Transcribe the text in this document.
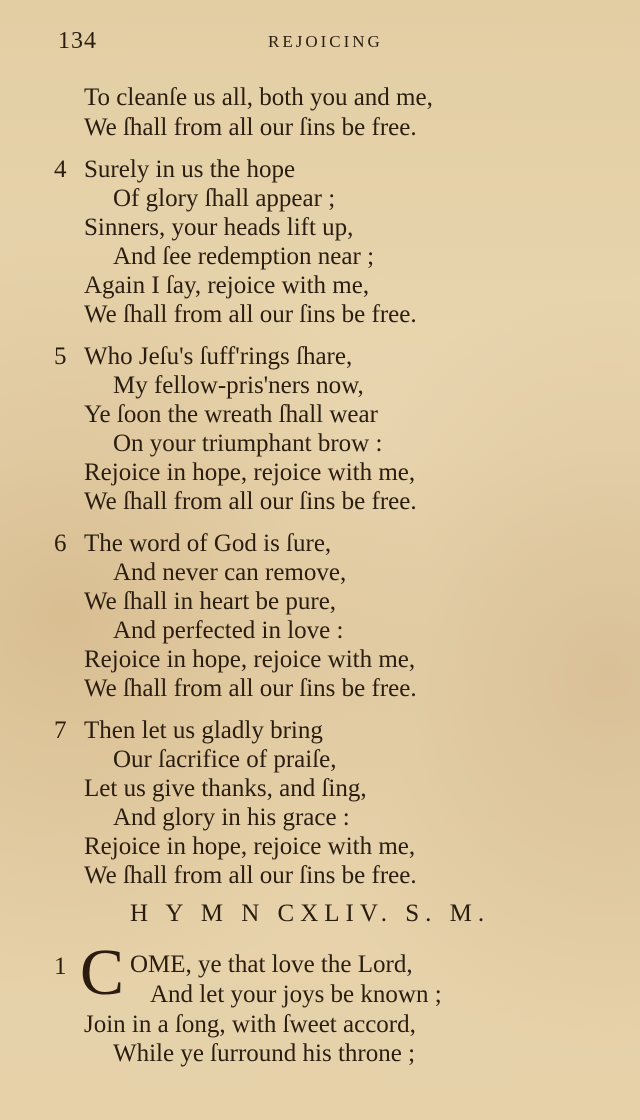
134	REJOICING
To cleanſe us all, both you and me,
We ſhall from all our ſins be free.
4 Surely in us the hope
Of glory ſhall appear ;
Sinners, your heads lift up,
And ſee redemption near ;
Again I ſay, rejoice with me,
We ſhall from all our ſins be free.
5 Who Jeſu's ſuff'rings ſhare,
My fellow-pris'ners now,
Ye ſoon the wreath ſhall wear
On your triumphant brow :
Rejoice in hope, rejoice with me,
We ſhall from all our ſins be free.
6 The word of God is ſure,
And never can remove,
We ſhall in heart be pure,
And perfected in love :
Rejoice in hope, rejoice with me,
We ſhall from all our ſins be free.
7 Then let us gladly bring
Our ſacrifice of praiſe,
Let us give thanks, and ſing,
And glory in his grace :
Rejoice in hope, rejoice with me,
We ſhall from all our ſins be free.
H Y M N CXLIV. S. M.
1 C OME, ye that love the Lord,
And let your joys be known ;
Join in a ſong, with ſweet accord,
While ye ſurround his throne ;
